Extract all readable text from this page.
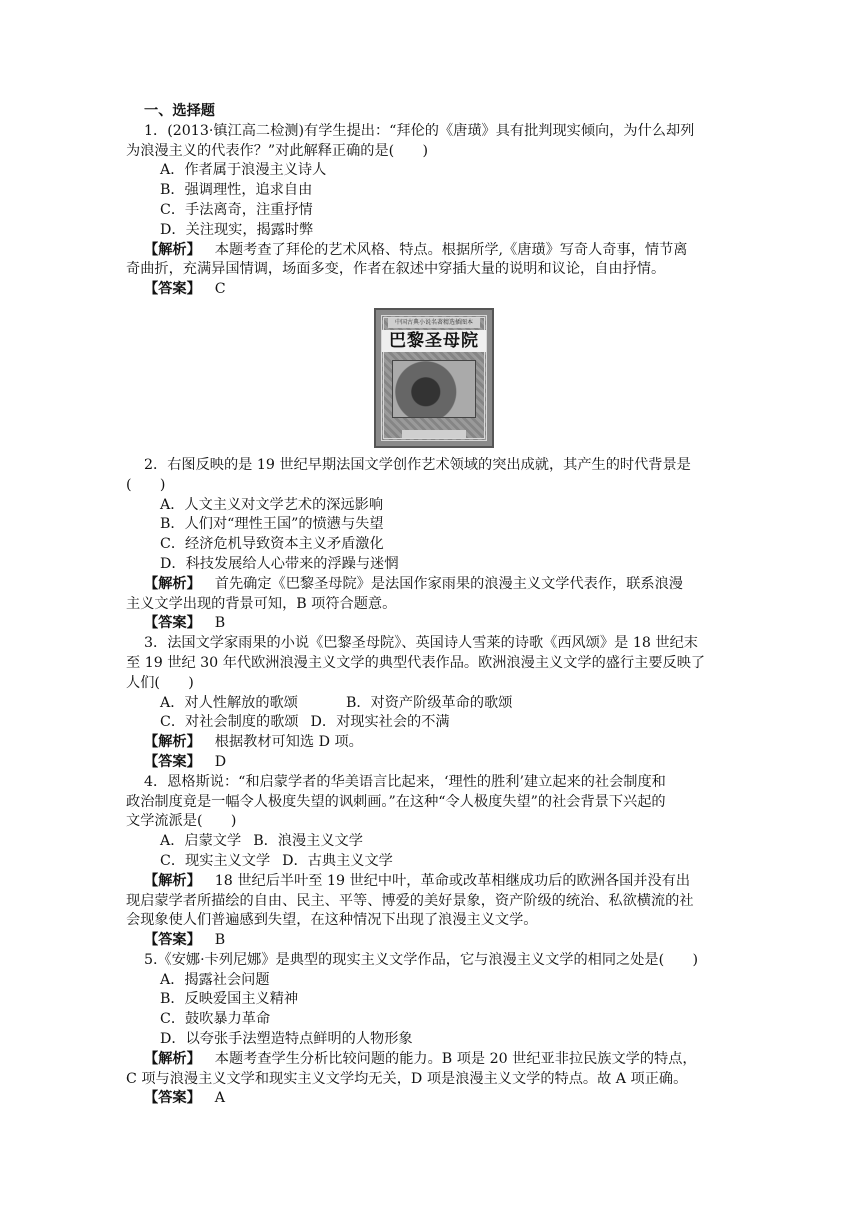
一、选择题
1．(2013·镇江高二检测)有学生提出：“拜伦的《唐璜》具有批判现实倾向，为什么却列
为浪漫主义的代表作？”对此解释正确的是(　　)
A．作者属于浪漫主义诗人
B．强调理性，追求自由
C．手法离奇，注重抒情
D．关注现实，揭露时弊
【解析】 本题考查了拜伦的艺术风格、特点。根据所学,《唐璜》写奇人奇事，情节离
奇曲折，充满异国情调，场面多变，作者在叙述中穿插大量的说明和议论，自由抒情。
【答案】 C
中国古典小说名著精选插图本
巴黎圣母院
2．右图反映的是 19 世纪早期法国文学创作艺术领域的突出成就，其产生的时代背景是
(　　)
A．人文主义对文学艺术的深远影响
B．人们对“理性王国”的愤懑与失望
C．经济危机导致资本主义矛盾激化
D．科技发展给人心带来的浮躁与迷惘
【解析】 首先确定《巴黎圣母院》是法国作家雨果的浪漫主义文学代表作，联系浪漫
主义文学出现的背景可知，B 项符合题意。
【答案】 B
3．法国文学家雨果的小说《巴黎圣母院》、英国诗人雪莱的诗歌《西风颂》是 18 世纪末
至 19 世纪 30 年代欧洲浪漫主义文学的典型代表作品。欧洲浪漫主义文学的盛行主要反映了
人们(　　)
A．对人性解放的歌颂	B．对资产阶级革命的歌颂
C．对社会制度的歌颂 D．对现实社会的不满
【解析】 根据教材可知选 D 项。
【答案】 D
4．恩格斯说：“和启蒙学者的华美语言比起来，‘理性的胜利’建立起来的社会制度和
政治制度竟是一幅令人极度失望的讽刺画。”在这种“令人极度失望”的社会背景下兴起的
文学流派是(　　)
A．启蒙文学 B．浪漫主义文学
C．现实主义文学 D．古典主义文学
【解析】 18 世纪后半叶至 19 世纪中叶，革命或改革相继成功后的欧洲各国并没有出
现启蒙学者所描绘的自由、民主、平等、博爱的美好景象，资产阶级的统治、私欲横流的社
会现象使人们普遍感到失望，在这种情况下出现了浪漫主义文学。
【答案】 B
5.《安娜·卡列尼娜》是典型的现实主义文学作品，它与浪漫主义文学的相同之处是(　　)
A．揭露社会问题
B．反映爱国主义精神
C．鼓吹暴力革命
D．以夸张手法塑造特点鲜明的人物形象
【解析】 本题考查学生分析比较问题的能力。B 项是 20 世纪亚非拉民族文学的特点，
C 项与浪漫主义文学和现实主义文学均无关，D 项是浪漫主义文学的特点。故 A 项正确。
【答案】 A
